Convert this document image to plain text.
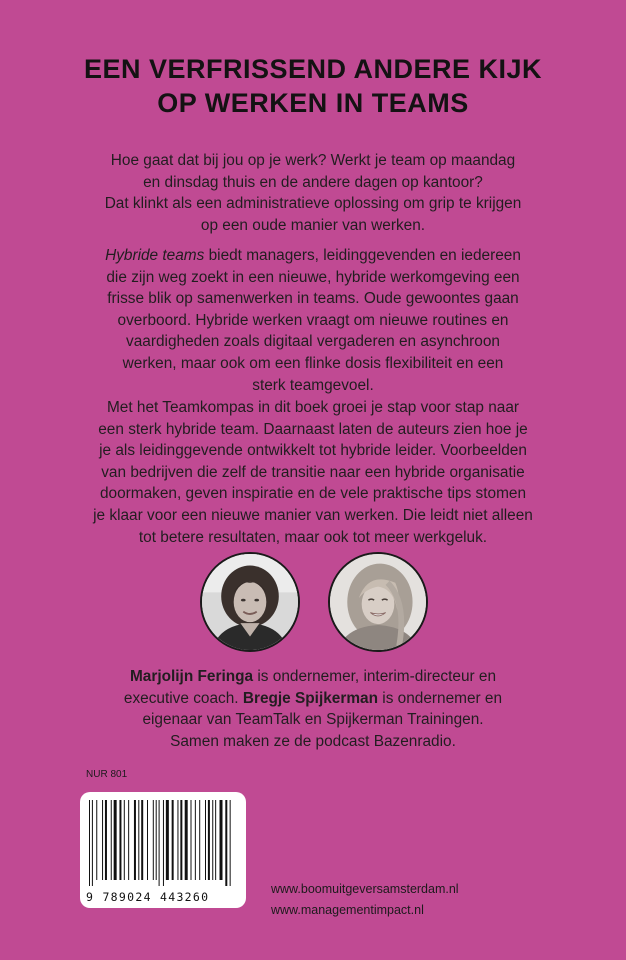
EEN VERFRISSEND ANDERE KIJK
OP WERKEN IN TEAMS

Hoe gaat dat bij jou op je werk? Werkt je team op maandag
en dinsdag thuis en de andere dagen op kantoor?
Dat klinkt als een administratieve oplossing om grip te krijgen
op een oude manier van werken.

Hybride teams biedt managers, leidinggevenden en iedereen
die zijn weg zoekt in een nieuwe, hybride werkomgeving een
frisse blik op samenwerken in teams. Oude gewoontes gaan
overboord. Hybride werken vraagt om nieuwe routines en
vaardigheden zoals digitaal vergaderen en asynchroon
werken, maar ook om een flinke dosis flexibiliteit en een
sterk teamgevoel.

Met het Teamkompas in dit boek groei je stap voor stap naar
een sterk hybride team. Daarnaast laten de auteurs zien hoe je
je als leidinggevende ontwikkelt tot hybride leider. Voorbeelden
van bedrijven die zelf de transitie naar een hybride organisatie
doormaken, geven inspiratie en de vele praktische tips stomen
je klaar voor een nieuwe manier van werken. Die leidt niet alleen
tot betere resultaten, maar ook tot meer werkgeluk.

Marjolijn Feringa is ondernemer, interim-directeur en
executive coach. Bregje Spijkerman is ondernemer en
eigenaar van TeamTalk en Spijkerman Trainingen.
Samen maken ze de podcast Bazenradio.

NUR 801
9 789024 443260
www.boomuitgeversamsterdam.nl
www.managementimpact.nl
